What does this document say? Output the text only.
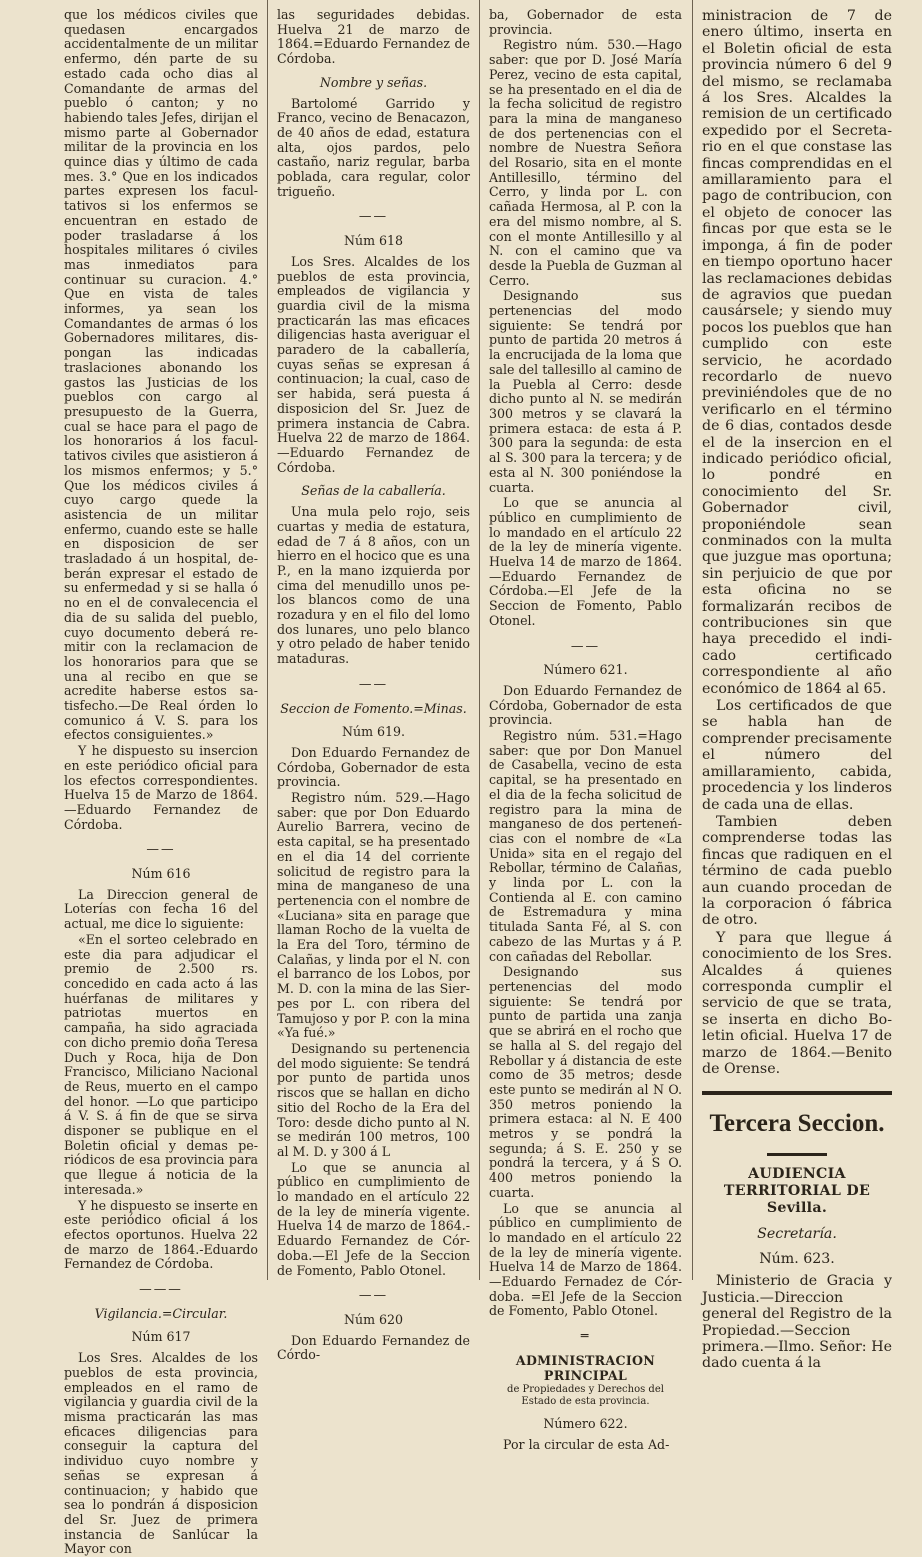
que los médicos civiles que quedasen encargados accidentalmente de un militar enfermo, dén parte de su estado cada ocho dias al Comandante de armas del pueblo ó canton; y no habiendo tales Jefes, dirijan el mismo parte al Gobernador militar de la provincia en los quince dias y último de cada mes. 3.° Que en los indicados partes expresen los facultativos si los enfermos se encuentran en estado de poder trasladarse á los hospitales militares ó civiles mas inmediatos para continuar su curacion. 4.° Que en vista de tales informes, ya sean los Comandantes de armas ó los Gobernadores militares, dispongan las indicadas traslaciones abonando los gastos las Justicias de los pueblos con cargo al presupuesto de la Guerra, cual se hace para el pago de los honorarios á los facultativos civiles que asistieron á los mismos enfermos; y 5.° Que los médicos civiles á cuyo cargo quede la asistencia de un militar enfermo, cuando este se halle en disposicion de ser trasladado á un hospital, deberán expresar el estado de su enfermedad y si se halla ó no en el de convalecencia el dia de su salida del pueblo, cuyo documento deberá remitir con la reclamacion de los honorarios para que se una al recibo en que se acredite haberse estos satisfecho.—De Real órden lo comunico á V. S. para los efectos consiguientes.»

Y he dispuesto su insercion en este periódico oficial para los efectos correspondientes. Huelva 15 de Marzo de 1864.—Eduardo Fernandez de Córdoba.

——

Núm 616

La Direccion general de Loterías con fecha 16 del actual, me dice lo siguiente:

«En el sorteo celebrado en este dia para adjudicar el premio de 2.500 rs. concedido en cada acto á las huérfanas de militares y patriotas muertos en campaña, ha sido agraciada con dicho premio doña Teresa Duch y Roca, hija de Don Francisco, Miliciano Nacional de Reus, muerto en el campo del honor. —Lo que participo á V. S. á fin de que se sirva disponer se publique en el Boletin oficial y demas periódicos de esa provincia para que llegue á noticia de la interesada.»

Y he dispuesto se inserte en este periódico oficial á los efectos oportunos. Huelva 22 de marzo de 1864.-Eduardo Fernandez de Córdoba.

———

Vigilancia.=Circular.

Núm 617

Los Sres. Alcaldes de los pueblos de esta provincia, empleados en el ramo de vigilancia y guardia civil de la misma practicarán las mas eficaces diligencias para conseguir la captura del individuo cuyo nombre y señas se expresan á continuacion; y habido que sea lo pondrán á disposicion del Sr. Juez de primera instancia de Sanlúcar la Mayor con

las seguridades debidas. Huelva 21 de marzo de 1864.=Eduardo Fernandez de Córdoba.

Nombre y señas.

Bartolomé Garrido y Franco, vecino de Benacazon, de 40 años de edad, estatura alta, ojos pardos, pelo castaño, nariz regular, barba poblada, cara regular, color trigueño.

——

Núm 618

Los Sres. Alcaldes de los pueblos de esta provincia, empleados de vigilancia y guardia civil de la misma practicarán las mas eficaces diligencias hasta averiguar el paradero de la caballería, cuyas señas se expresan á continuacion; la cual, caso de ser habida, será puesta á disposicion del Sr. Juez de primera instancia de Cabra. Huelva 22 de marzo de 1864.—Eduardo Fernandez de Córdoba.

Señas de la caballería.

Una mula pelo rojo, seis cuartas y media de estatura, edad de 7 á 8 años, con un hierro en el hocico que es una P., en la mano izquierda por cima del menudillo unos pelos blancos como de una rozadura y en el filo del lomo dos lunares, uno pelo blanco y otro pelado de haber tenido mataduras.

——

Seccion de Fomento.=Minas.

Núm 619.

Don Eduardo Fernandez de Córdoba, Gobernador de esta provincia.

Registro núm. 529.—Hago saber: que por Don Eduardo Aurelio Barrera, vecino de esta capital, se ha presentado en el dia 14 del corriente solicitud de registro para la mina de manganeso de una pertenencia con el nombre de «Luciana» sita en parage que llaman Rocho de la vuelta de la Era del Toro, término de Calañas, y linda por el N. con el barranco de los Lobos, por M. D. con la mina de las Sierpes por L. con ribera del Tamujoso y por P. con la mina «Ya fué.»

Designando su pertenencia del modo siguiente: Se tendrá por punto de partida unos riscos que se hallan en dicho sitio del Rocho de la Era del Toro: desde dicho punto al N. se medirán 100 metros, 100 al M. D. y 300 á L

Lo que se anuncia al público en cumplimiento de lo mandado en el artículo 22 de la ley de minería vigente. Huelva 14 de marzo de 1864.-Eduardo Fernandez de Córdoba.—El Jefe de la Seccion de Fomento, Pablo Otonel.

——

Núm 620

Don Eduardo Fernandez de Córdo-

ba, Gobernador de esta provincia.

Registro núm. 530.—Hago saber: que por D. José María Perez, vecino de esta capital, se ha presentado en el dia de la fecha solicitud de registro para la mina de manganeso de dos pertenencias con el nombre de Nuestra Señora del Rosario, sita en el monte Antillesillo, término del Cerro, y linda por L. con cañada Hermosa, al P. con la era del mismo nombre, al S. con el monte Antillesillo y al N. con el camino que va desde la Puebla de Guzman al Cerro.

Designando sus pertenencias del modo siguiente: Se tendrá por punto de partida 20 metros á la encrucijada de la loma que sale del tallesillo al camino de la Puebla al Cerro: desde dicho punto al N. se medirán 300 metros y se clavará la primera estaca: de esta á P. 300 para la segunda: de esta al S. 300 para la tercera; y de esta al N. 300 poniéndose la cuarta.

Lo que se anuncia al público en cumplimiento de lo mandado en el artículo 22 de la ley de minería vigente. Huelva 14 de marzo de 1864.—Eduardo Fernandez de Córdoba.—El Jefe de la Seccion de Fomento, Pablo Otonel.

——

Número 621.

Don Eduardo Fernandez de Córdoba, Gobernador de esta provincia.

Registro núm. 531.=Hago saber: que por Don Manuel de Casabella, vecino de esta capital, se ha presentado en el dia de la fecha solicitud de registro para la mina de manganeso de dos perteneńcias con el nombre de «La Unida» sita en el regajo del Rebollar, término de Calañas, y linda por L. con la Contienda al E. con camino de Estremadura y mina titulada Santa Fé, al S. con cabezo de las Murtas y á P. con cañadas del Rebollar.

Designando sus pertenencias del modo siguiente: Se tendrá por punto de partida una zanja que se abrirá en el rocho que se halla al S. del regajo del Rebollar y á distancia de este como de 35 metros; desde este punto se medirán al N O. 350 metros poniendo la primera estaca: al N. E 400 metros y se pondrá la segunda; á S. E. 250 y se pondrá la tercera, y á S O. 400 metros poniendo la cuarta.

Lo que se anuncia al público en cumplimiento de lo mandado en el artículo 22 de la ley de minería vigente. Huelva 14 de Marzo de 1864.—Eduardo Fernadez de Córdoba. =El Jefe de la Seccion de Fomento, Pablo Otonel.

═

ADMINISTRACION PRINCIPAL

de Propiedades y Derechos del Estado de esta provincia.

Número 622.

Por la circular de esta Ad-

ministracion de 7 de enero último, inserta en el Boletin oficial de esta provincia número 6 del 9 del mismo, se reclamaba á los Sres. Alcaldes la remision de un certificado expedido por el Secretario en el que constase las fincas comprendidas en el amillaramiento para el pago de contribucion, con el objeto de conocer las fincas por que esta se le imponga, á fin de poder en tiempo oportuno hacer las reclamaciones debidas de agravios que puedan causársele; y siendo muy pocos los pueblos que han cumplido con este servicio, he acordado recordarlo de nuevo previniéndoles que de no verificarlo en el término de 6 dias, contados desde el de la insercion en el indicado periódico oficial, lo pondré en conocimiento del Sr. Gobernador civil, proponiéndole sean conminados con la multa que juzgue mas oportuna; sin perjuicio de que por esta oficina no se formalizarán recibos de contribuciones sin que haya precedido el indicado certificado correspondiente al año económico de 1864 al 65.

Los certificados de que se habla han de comprender precisamente el número del amillaramiento, cabida, procedencia y los linderos de cada una de ellas.

Tambien deben comprenderse todas las fincas que radiquen en el término de cada pueblo aun cuando procedan de la corporacion ó fábrica de otro.

Y para que llegue á conocimiento de los Sres. Alcaldes á quienes corresponda cumplir el servicio de que se trata, se inserta en dicho Boletin oficial. Huelva 17 de marzo de 1864.—Benito de Orense.

Tercera Seccion.

AUDIENCIA TERRITORIAL DE

Sevilla.

Secretaría.

Núm. 623.

Ministerio de Gracia y Justicia.—Direccion general del Registro de la Propiedad.—Seccion primera.—Ilmo. Señor: He dado cuenta á la
